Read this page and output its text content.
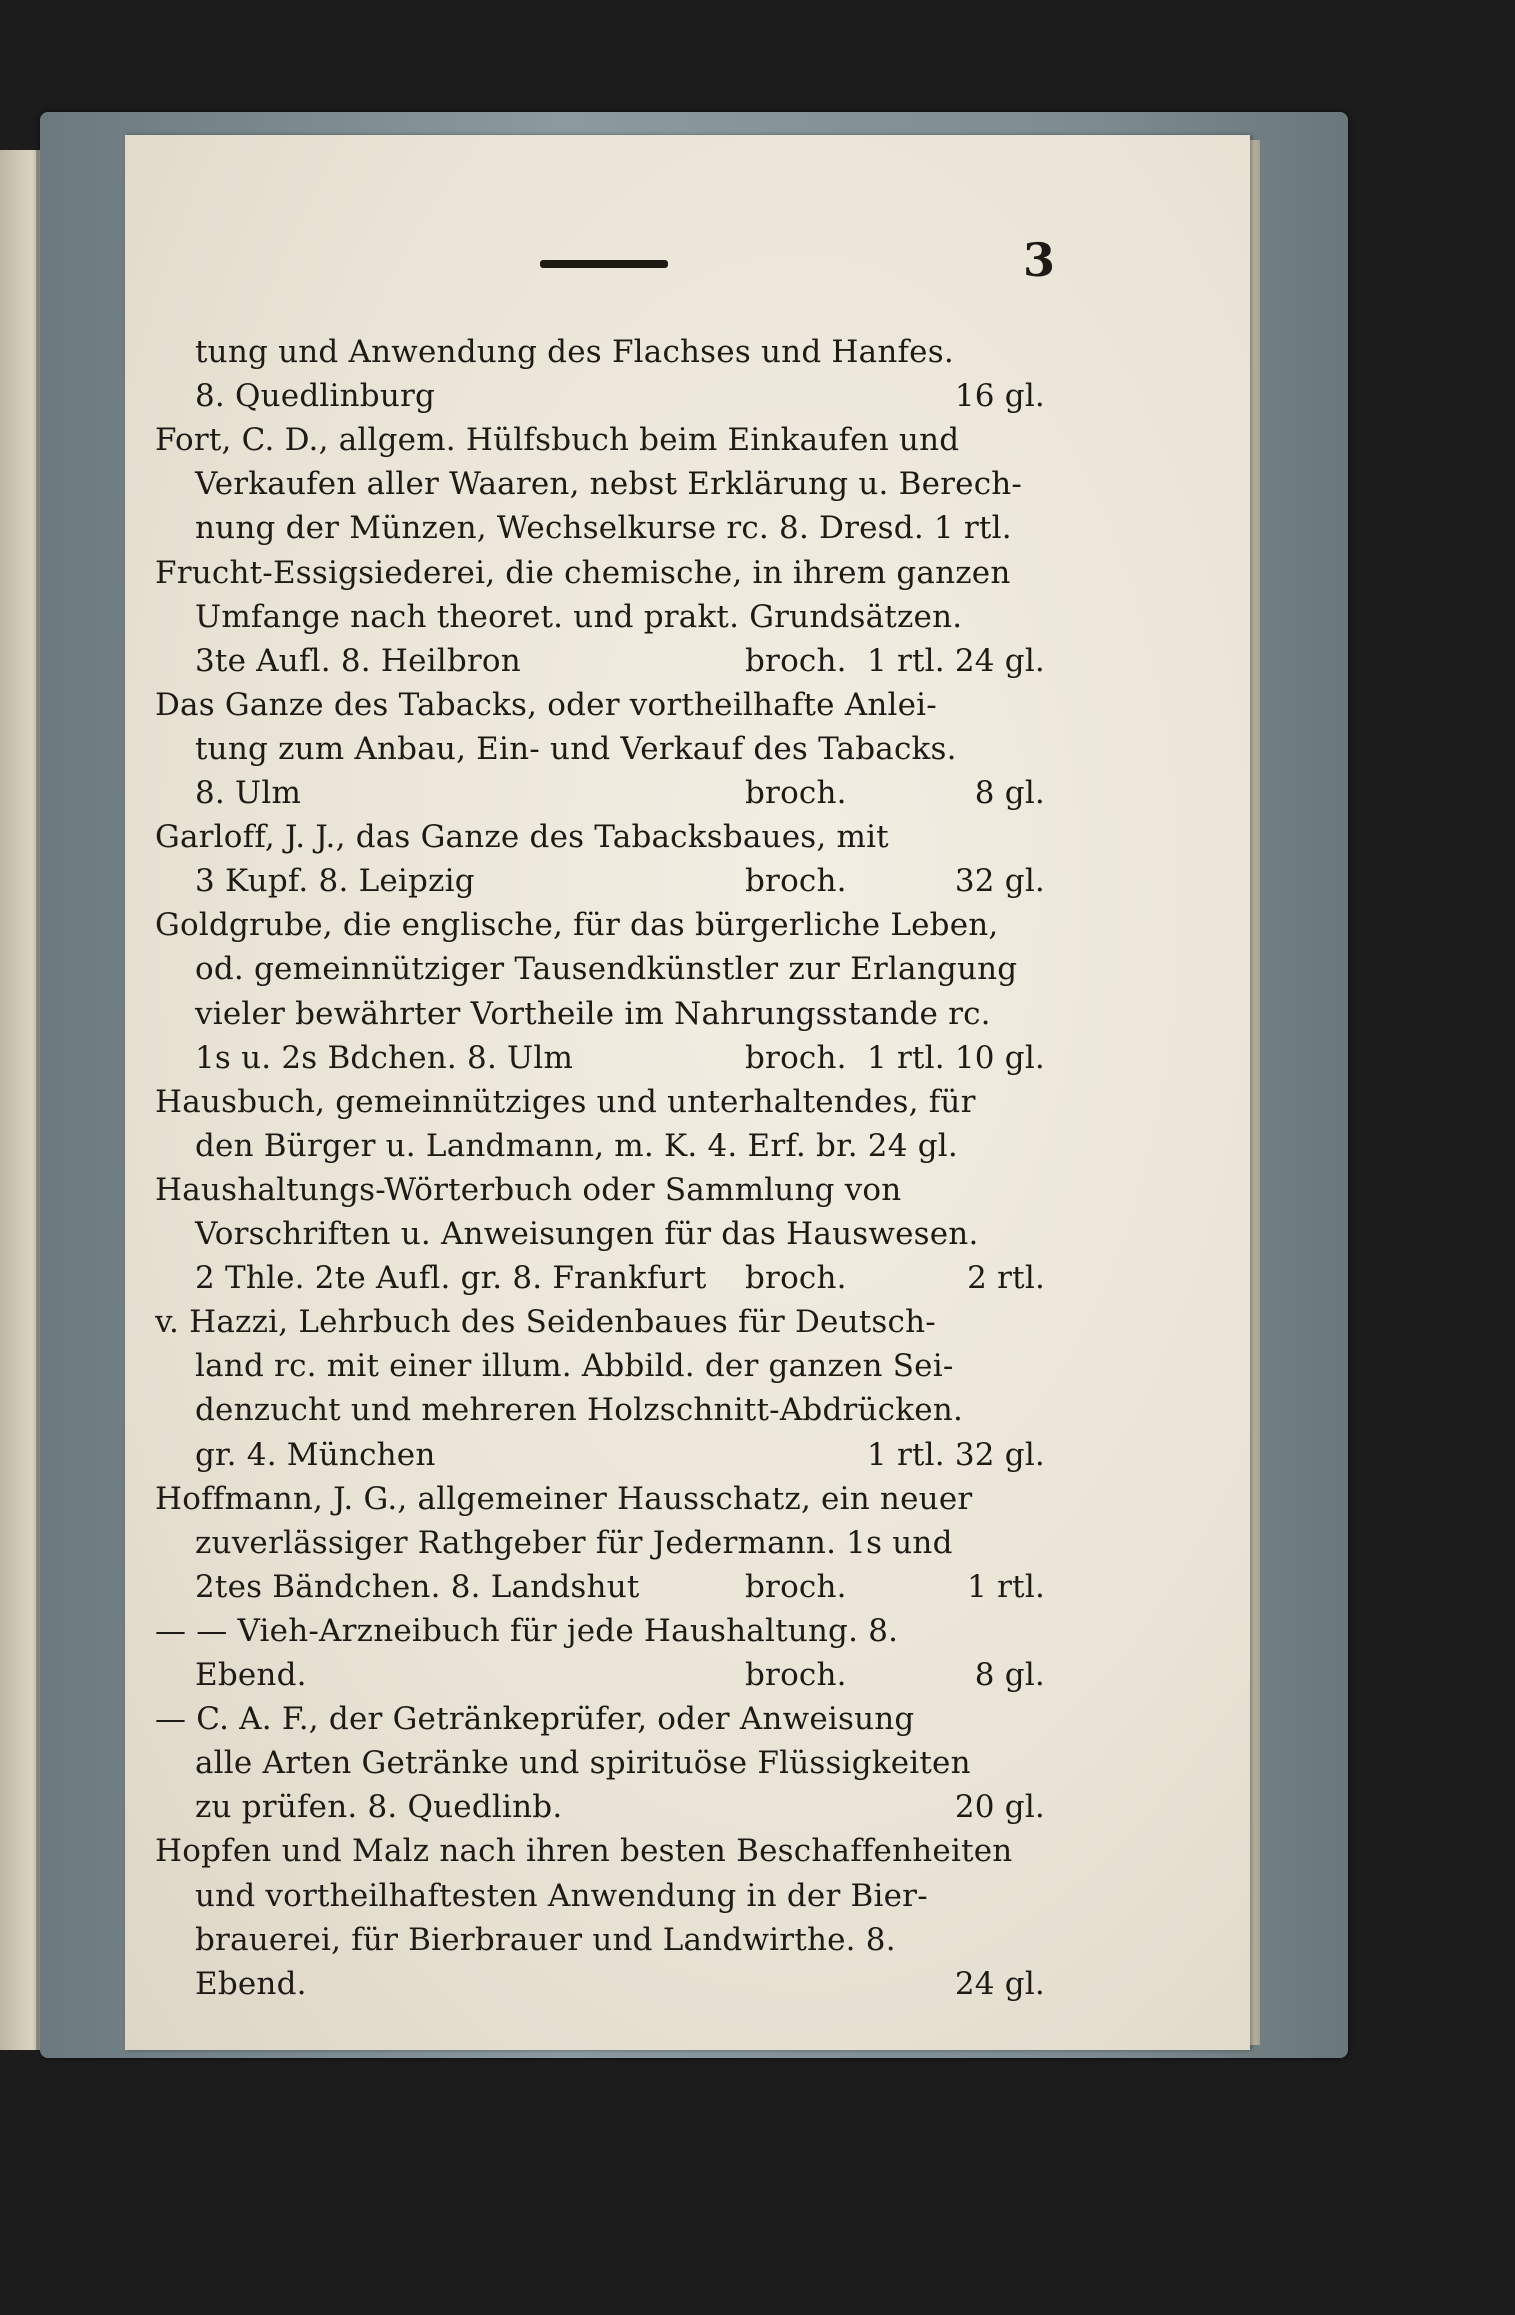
3
tung und Anwendung des Flachses und Hanfes.
8. Quedlinburg	16 gl.
Fort, C. D., allgem. Hülfsbuch beim Einkaufen und
Verkaufen aller Waaren, nebst Erklärung u. Berech-
nung der Münzen, Wechselkurse rc. 8. Dresd. 1 rtl.
Frucht-Essigsiederei, die chemische, in ihrem ganzen
Umfange nach theoret. und prakt. Grundsätzen.
3te Aufl. 8. Heilbron	broch. 1 rtl. 24 gl.
Das Ganze des Tabacks, oder vortheilhafte Anlei-
tung zum Anbau, Ein- und Verkauf des Tabacks.
8. Ulm	broch.	8 gl.
Garloff, J. J., das Ganze des Tabacksbaues, mit
3 Kupf. 8. Leipzig	broch.	32 gl.
Goldgrube, die englische, für das bürgerliche Leben,
od. gemeinnütziger Tausendkünstler zur Erlangung
vieler bewährter Vortheile im Nahrungsstande rc.
1s u. 2s Bdchen. 8. Ulm	broch. 1 rtl. 10 gl.
Hausbuch, gemeinnütziges und unterhaltendes, für
den Bürger u. Landmann, m. K. 4. Erf. br. 24 gl.
Haushaltungs-Wörterbuch oder Sammlung von
Vorschriften u. Anweisungen für das Hauswesen.
2 Thle. 2te Aufl. gr. 8. Frankfurt broch.	2 rtl.
v. Hazzi, Lehrbuch des Seidenbaues für Deutsch-
land rc. mit einer illum. Abbild. der ganzen Sei-
denzucht und mehreren Holzschnitt-Abdrücken.
gr. 4. München	1 rtl. 32 gl.
Hoffmann, J. G., allgemeiner Hausschatz, ein neuer
zuverlässiger Rathgeber für Jedermann. 1s und
2tes Bändchen. 8. Landshut	broch.	1 rtl.
— — Vieh-Arzneibuch für jede Haushaltung. 8.
Ebend.	broch.	8 gl.
— C. A. F., der Getränkeprüfer, oder Anweisung
alle Arten Getränke und spirituöse Flüssigkeiten
zu prüfen. 8. Quedlinb.	20 gl.
Hopfen und Malz nach ihren besten Beschaffenheiten
und vortheilhaftesten Anwendung in der Bier-
brauerei, für Bierbrauer und Landwirthe. 8.
Ebend.	24 gl.
